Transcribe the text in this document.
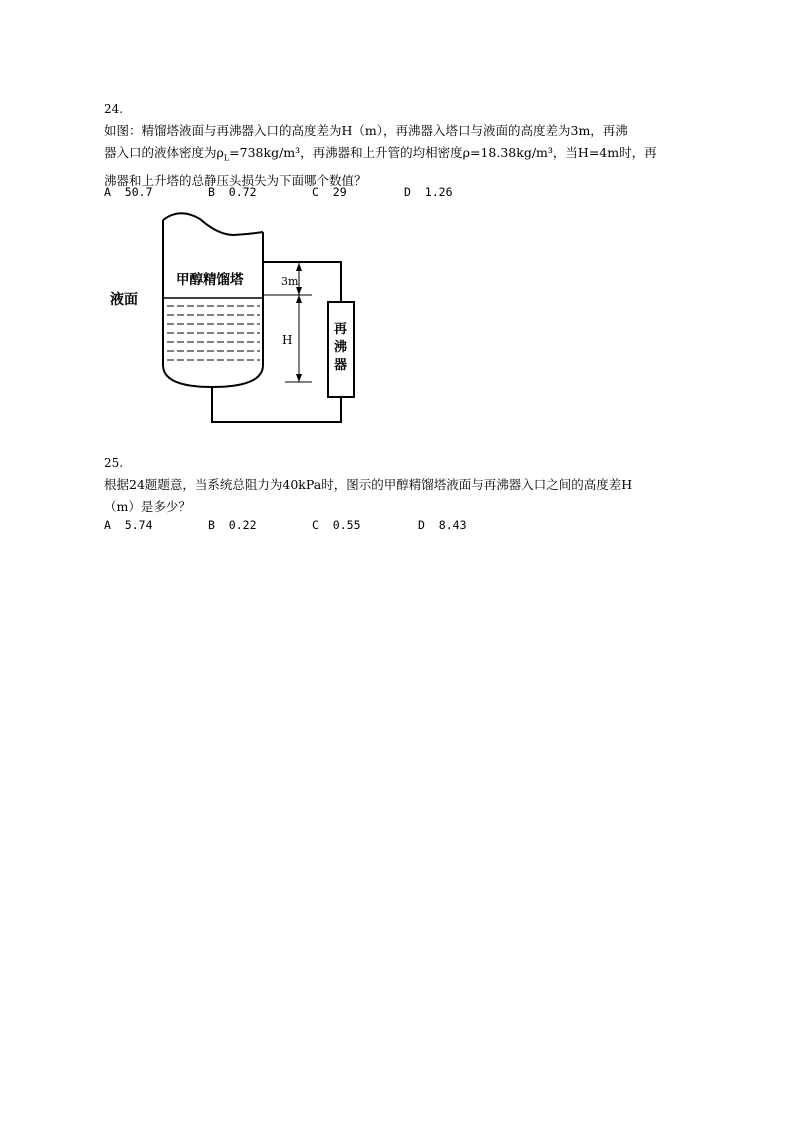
24.
如图：精馏塔液面与再沸器入口的高度差为H（m），再沸器入塔口与液面的高度差为3m，再沸
器入口的液体密度为$\rho_L=738kg/m^3$，再沸器和上升管的均相密度ρ=18.38kg/m³，当H=4m时，再
沸器和上升塔的总静压头损失为下面哪个数值？
A 50.7	B 0.72	C 29	D 1.26
甲醇精馏塔
液面
3m
H
再
沸
器
25.
根据24题题意，当系统总阻力为40kPa时，图示的甲醇精馏塔液面与再沸器入口之间的高度差H
（m）是多少？
A 5.74	B 0.22	C 0.55	D 8.43
